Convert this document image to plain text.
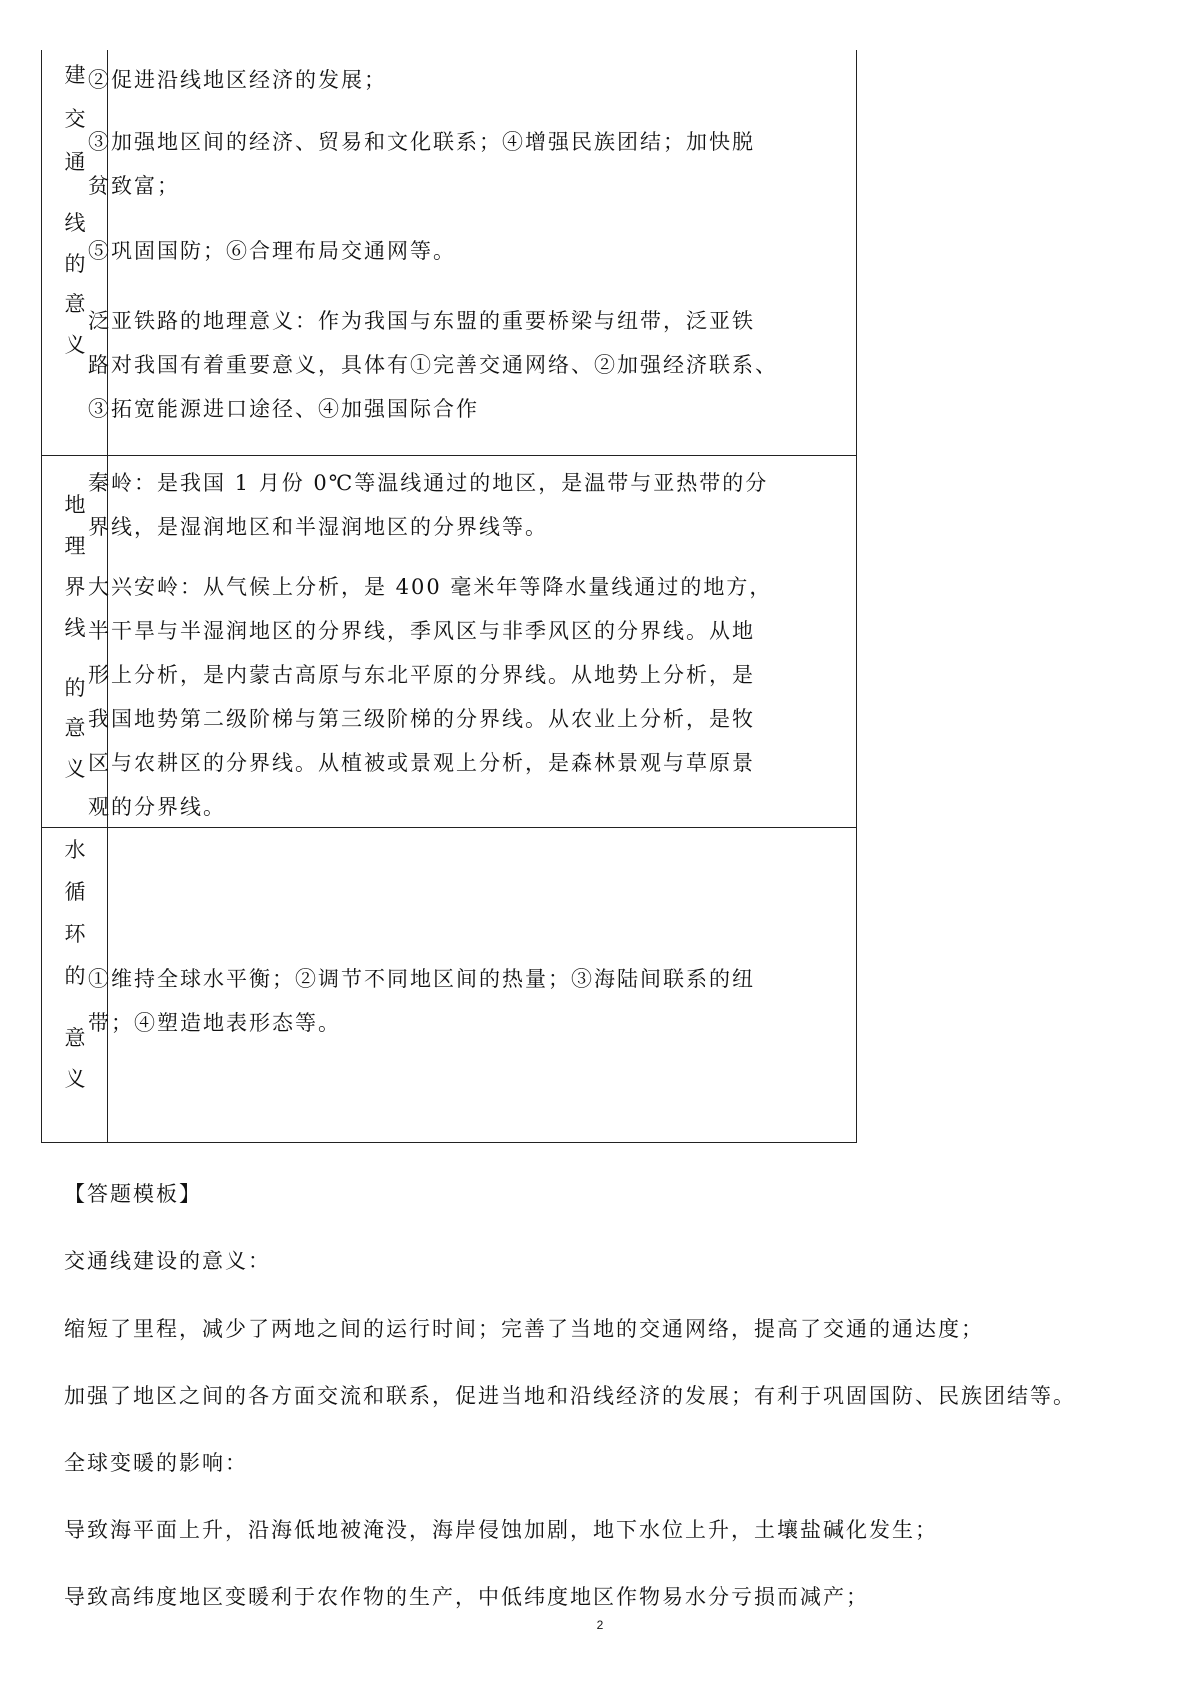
建
交
通
线
的
意
义
地
理
界
线
的
意
义
水
循
环
的
意
义
②促进沿线地区经济的发展；
③加强地区间的经济、贸易和文化联系；④增强民族团结；加快脱
贫致富；
⑤巩固国防；⑥合理布局交通网等。
泛亚铁路的地理意义：作为我国与东盟的重要桥梁与纽带，泛亚铁
路对我国有着重要意义，具体有①完善交通网络、②加强经济联系、
③拓宽能源进口途径、④加强国际合作
秦岭：是我国 1 月份 0℃等温线通过的地区，是温带与亚热带的分
界线，是湿润地区和半湿润地区的分界线等。
大兴安岭：从气候上分析，是 400 毫米年等降水量线通过的地方，
半干旱与半湿润地区的分界线，季风区与非季风区的分界线。从地
形上分析，是内蒙古高原与东北平原的分界线。从地势上分析，是
我国地势第二级阶梯与第三级阶梯的分界线。从农业上分析，是牧
区与农耕区的分界线。从植被或景观上分析，是森林景观与草原景
观的分界线。
①维持全球水平衡；②调节不同地区间的热量；③海陆间联系的纽
带；④塑造地表形态等。

【答题模板】

交通线建设的意义：

缩短了里程，减少了两地之间的运行时间；完善了当地的交通网络，提高了交通的通达度；

加强了地区之间的各方面交流和联系，促进当地和沿线经济的发展；有利于巩固国防、民族团结等。

全球变暖的影响：

导致海平面上升，沿海低地被淹没，海岸侵蚀加剧，地下水位上升，土壤盐碱化发生；

导致高纬度地区变暖利于农作物的生产，中低纬度地区作物易水分亏损而减产；

2
